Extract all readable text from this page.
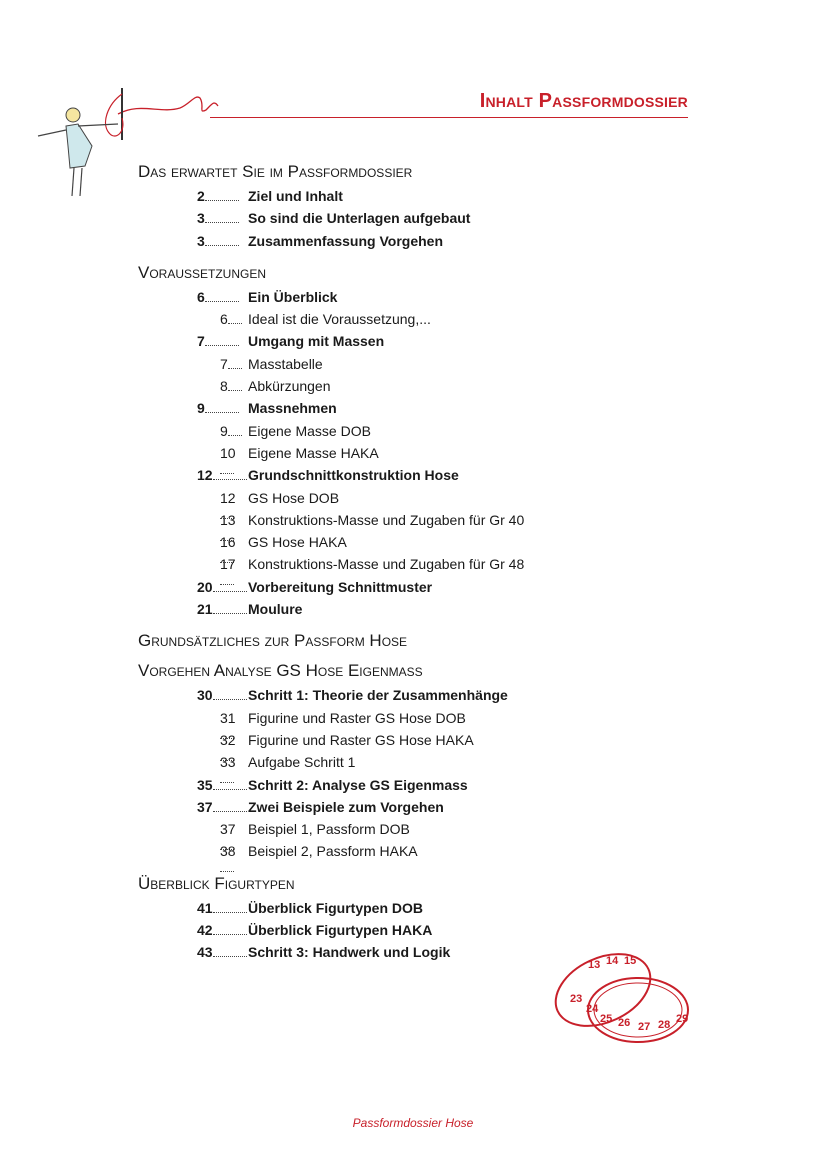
Inhalt Passformdossier
Das erwartet Sie im Passformdossier
2	Ziel und Inhalt
3	So sind die Unterlagen aufgebaut
3	Zusammenfassung Vorgehen
Voraussetzungen
6	Ein Überblick
6	Ideal ist die Voraussetzung,...
7	Umgang mit Massen
7	Masstabelle
8	Abkürzungen
9	Massnehmen
9	Eigene Masse DOB
10 Eigene Masse HAKA
12	Grundschnittkonstruktion Hose
12 GS Hose DOB
13 Konstruktions-Masse und Zugaben für Gr 40
16 GS Hose HAKA
17 Konstruktions-Masse und Zugaben für Gr 48
20	Vorbereitung Schnittmuster
21	Moulure
Grundsätzliches zur Passform Hose
Vorgehen Analyse GS Hose Eigenmass
30	Schritt 1: Theorie der Zusammenhänge
31 Figurine und Raster GS Hose DOB
32 Figurine und Raster GS Hose HAKA
33 Aufgabe Schritt 1
35	Schritt 2: Analyse GS Eigenmass
37	Zwei Beispiele zum Vorgehen
37 Beispiel 1, Passform DOB
38 Beispiel 2, Passform HAKA
Überblick Figurtypen
41	Überblick Figurtypen DOB
42	Überblick Figurtypen HAKA
43	Schritt 3: Handwerk und Logik
13 14 15
23
24
25 26 27 28 29
Passformdossier Hose
